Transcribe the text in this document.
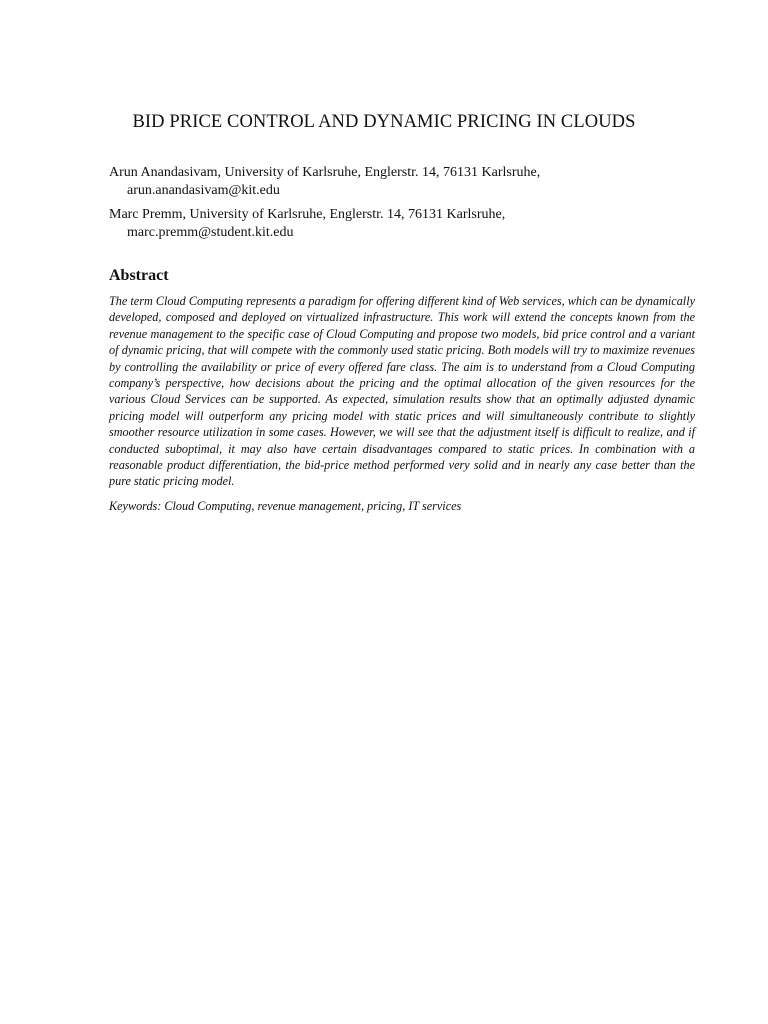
BID PRICE CONTROL AND DYNAMIC PRICING IN CLOUDS

Arun Anandasivam, University of Karlsruhe, Englerstr. 14, 76131 Karlsruhe,
arun.anandasivam@kit.edu

Marc Premm, University of Karlsruhe, Englerstr. 14, 76131 Karlsruhe,
marc.premm@student.kit.edu

Abstract

The term Cloud Computing represents a paradigm for offering different kind of Web services, which can be dynamically developed, composed and deployed on virtualized infrastructure. This work will extend the concepts known from the revenue management to the specific case of Cloud Computing and propose two models, bid price control and a variant of dynamic pricing, that will compete with the commonly used static pricing. Both models will try to maximize revenues by controlling the availability or price of every offered fare class. The aim is to understand from a Cloud Computing company’s perspective, how decisions about the pricing and the optimal allocation of the given resources for the various Cloud Services can be supported. As expected, simulation results show that an optimally adjusted dynamic pricing model will outperform any pricing model with static prices and will simultaneously contribute to slightly smoother resource utilization in some cases. However, we will see that the adjustment itself is difficult to realize, and if conducted suboptimal, it may also have certain disadvantages compared to static prices. In combination with a reasonable product differentiation, the bid-price method performed very solid and in nearly any case better than the pure static pricing model.

Keywords: Cloud Computing, revenue management, pricing, IT services
